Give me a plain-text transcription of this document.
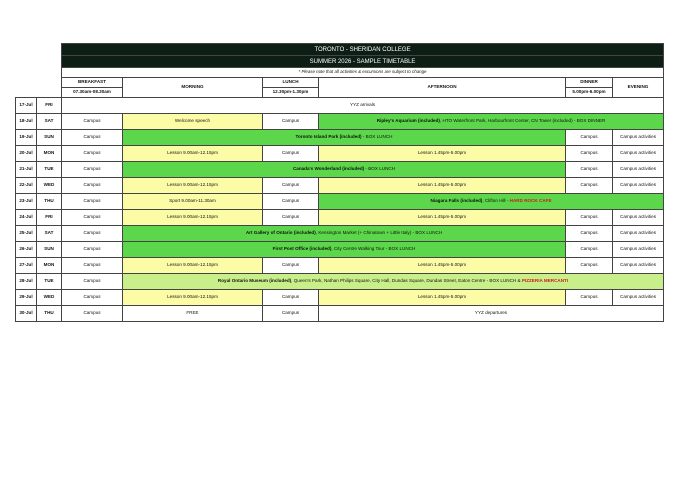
		TORONTO - SHERIDAN COLLEGE					
		SUMMER 2026 - SAMPLE TIMETABLE					
		* Please note that all activities & excursions are subject to change					
		BREAKFAST	MORNING	LUNCH	AFTERNOON	DINNER	EVENING
		07.30am-08.30am		12.30pm-1.30pm		5.00pm-6.00pm	
17-Jul	FRI	YYZ arrivals					
18-Jul	SAT	Campus	Welcome speech	Campus	Ripley's Aquarium (included), HTO Waterfront Park, Harbourfront Center, CN Tower (included) - BOX DINNER		
19-Jul	SUN	Campus	Toronto Island Park (included) - BOX LUNCH			Campus	Campus activities
20-Jul	MON	Campus	Lesson 9.00am-12.15pm	Campus	Lesson 1.45pm-5.00pm	Campus	Campus activities
21-Jul	TUE	Campus	Canada's Wonderland (included) - BOX LUNCH			Campus	Campus activities
22-Jul	WED	Campus	Lesson 9.00am-12.15pm	Campus	Lesson 1.45pm-5.00pm	Campus	Campus activities
23-Jul	THU	Campus	Sport 9.00am-11.30am	Campus	Niagara Falls (included), Clifton Hill - HARD ROCK CAFE		
24-Jul	FRI	Campus	Lesson 9.00am-12.15pm	Campus	Lesson 1.45pm-5.00pm	Campus	Campus activities
25-Jul	SAT	Campus	Art Gallery of Ontario (included), Kensington Market (+ Chinatown + Little Italy) - BOX LUNCH			Campus	Campus activities
26-Jul	SUN	Campus	First Post Office (included), City Centre Walking Tour - BOX LUNCH			Campus	Campus activities
27-Jul	MON	Campus	Lesson 9.00am-12.15pm	Campus	Lesson 1.45pm-5.00pm	Campus	Campus activities
28-Jul	TUE	Campus	Royal Ontario Museum (included), Queen's Park, Nathan Philips Square, City Hall, Dundas Square, Dundas Street, Eaton Centre - BOX LUNCH & PIZZERIA MERCANTI				
29-Jul	WED	Campus	Lesson 9.00am-12.15pm	Campus	Lesson 1.45pm-5.00pm	Campus	Campus activities
30-Jul	THU	Campus	FREE	Campus	YYZ departures		
